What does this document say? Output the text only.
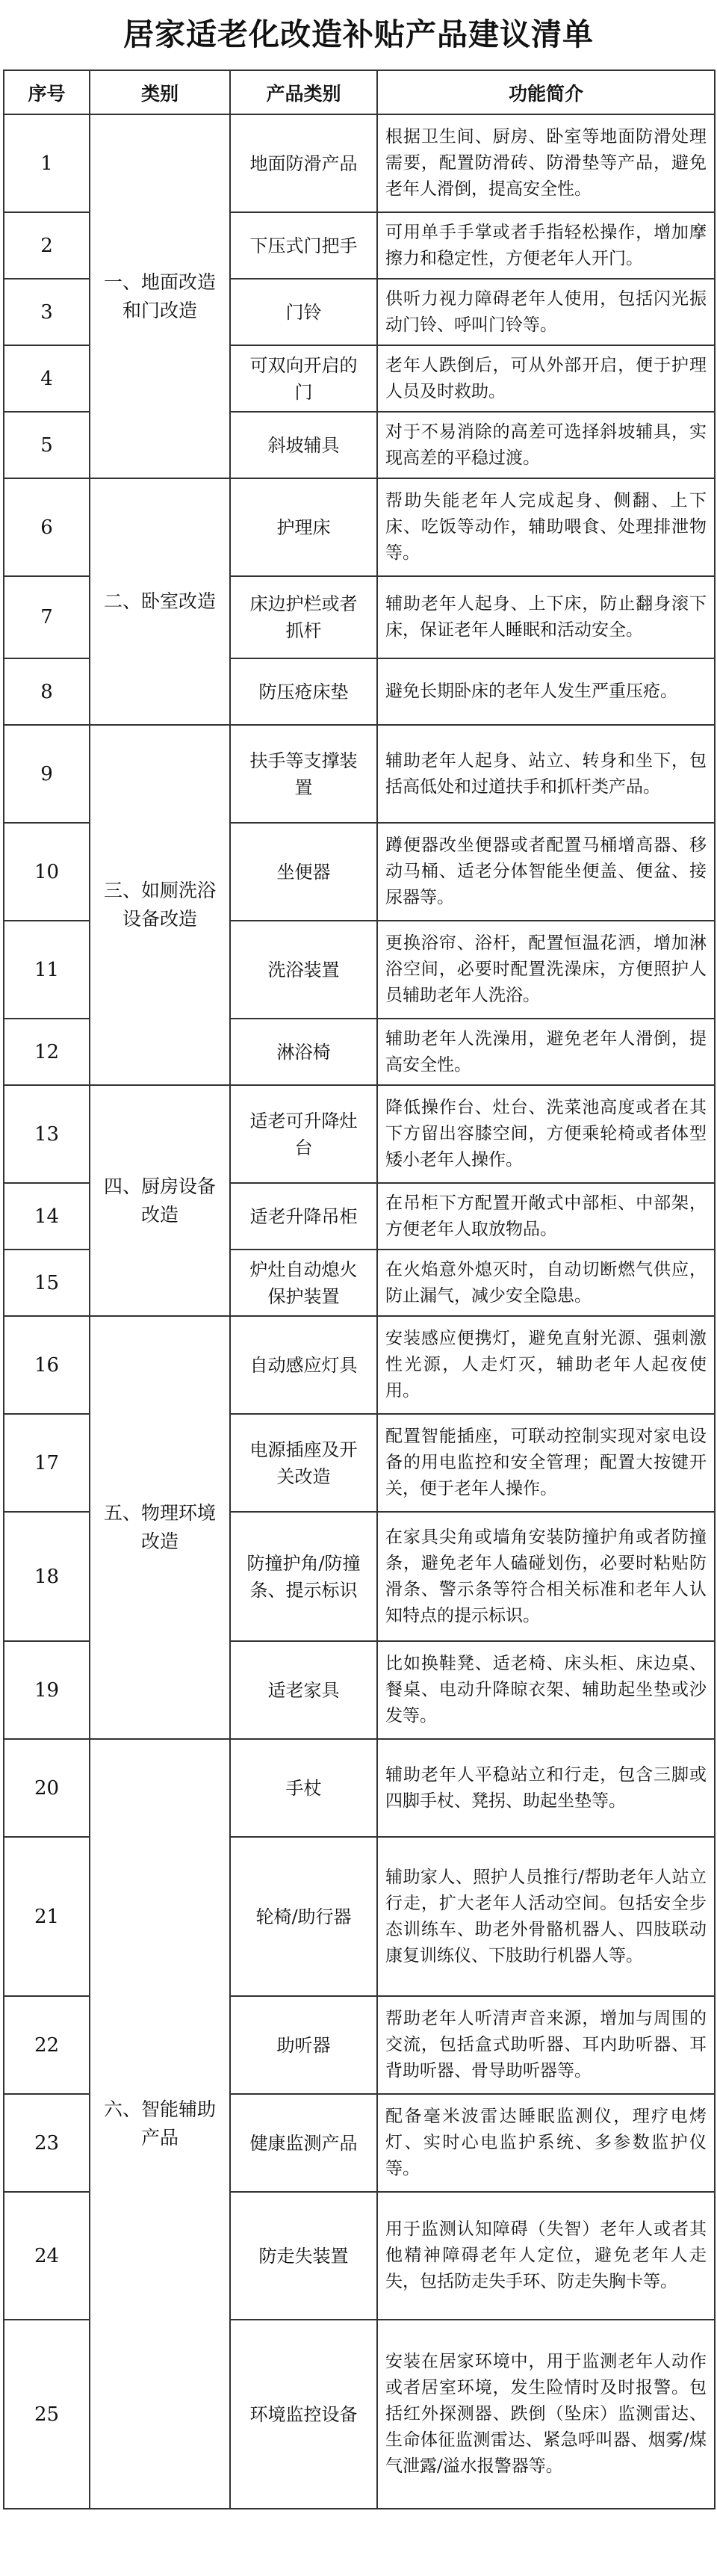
居家适老化改造补贴产品建议清单
序号	类别	产品类别	功能简介
1	一、地面改造和门改造	地面防滑产品	根据卫生间、厨房、卧室等地面防滑处理需要，配置防滑砖、防滑垫等产品，避免老年人滑倒，提高安全性。
2		下压式门把手	可用单手手掌或者手指轻松操作，增加摩擦力和稳定性，方便老年人开门。
3		门铃	供听力视力障碍老年人使用，包括闪光振动门铃、呼叫门铃等。
4		可双向开启的门	老年人跌倒后，可从外部开启，便于护理人员及时救助。
5		斜坡辅具	对于不易消除的高差可选择斜坡辅具，实现高差的平稳过渡。
6	二、卧室改造	护理床	帮助失能老年人完成起身、侧翻、上下床、吃饭等动作，辅助喂食、处理排泄物等。
7		床边护栏或者抓杆	辅助老年人起身、上下床，防止翻身滚下床，保证老年人睡眠和活动安全。
8		防压疮床垫	避免长期卧床的老年人发生严重压疮。
9	三、如厕洗浴设备改造	扶手等支撑装置	辅助老年人起身、站立、转身和坐下，包括高低处和过道扶手和抓杆类产品。
10		坐便器	蹲便器改坐便器或者配置马桶增高器、移动马桶、适老分体智能坐便盖、便盆、接尿器等。
11		洗浴装置	更换浴帘、浴杆，配置恒温花洒，增加淋浴空间，必要时配置洗澡床，方便照护人员辅助老年人洗浴。
12		淋浴椅	辅助老年人洗澡用，避免老年人滑倒，提高安全性。
13	四、厨房设备改造	适老可升降灶台	降低操作台、灶台、洗菜池高度或者在其下方留出容膝空间，方便乘轮椅或者体型矮小老年人操作。
14		适老升降吊柜	在吊柜下方配置开敞式中部柜、中部架，方便老年人取放物品。
15		炉灶自动熄火保护装置	在火焰意外熄灭时，自动切断燃气供应，防止漏气，减少安全隐患。
16	五、物理环境改造	自动感应灯具	安装感应便携灯，避免直射光源、强刺激性光源，人走灯灭，辅助老年人起夜使用。
17		电源插座及开关改造	配置智能插座，可联动控制实现对家电设备的用电监控和安全管理；配置大按键开关，便于老年人操作。
18		防撞护角/防撞条、提示标识	在家具尖角或墙角安装防撞护角或者防撞条，避免老年人磕碰划伤，必要时粘贴防滑条、警示条等符合相关标准和老年人认知特点的提示标识。
19		适老家具	比如换鞋凳、适老椅、床头柜、床边桌、餐桌、电动升降晾衣架、辅助起坐垫或沙发等。
20	六、智能辅助产品	手杖	辅助老年人平稳站立和行走，包含三脚或四脚手杖、凳拐、助起坐垫等。
21		轮椅/助行器	辅助家人、照护人员推行/帮助老年人站立行走，扩大老年人活动空间。包括安全步态训练车、助老外骨骼机器人、四肢联动康复训练仪、下肢助行机器人等。
22		助听器	帮助老年人听清声音来源，增加与周围的交流，包括盒式助听器、耳内助听器、耳背助听器、骨导助听器等。
23		健康监测产品	配备毫米波雷达睡眠监测仪，理疗电烤灯、实时心电监护系统、多参数监护仪等。
24		防走失装置	用于监测认知障碍（失智）老年人或者其他精神障碍老年人定位，避免老年人走失，包括防走失手环、防走失胸卡等。
25		环境监控设备	安装在居家环境中，用于监测老年人动作或者居室环境，发生险情时及时报警。包括红外探测器、跌倒（坠床）监测雷达、生命体征监测雷达、紧急呼叫器、烟雾/煤气泄露/溢水报警器等。
